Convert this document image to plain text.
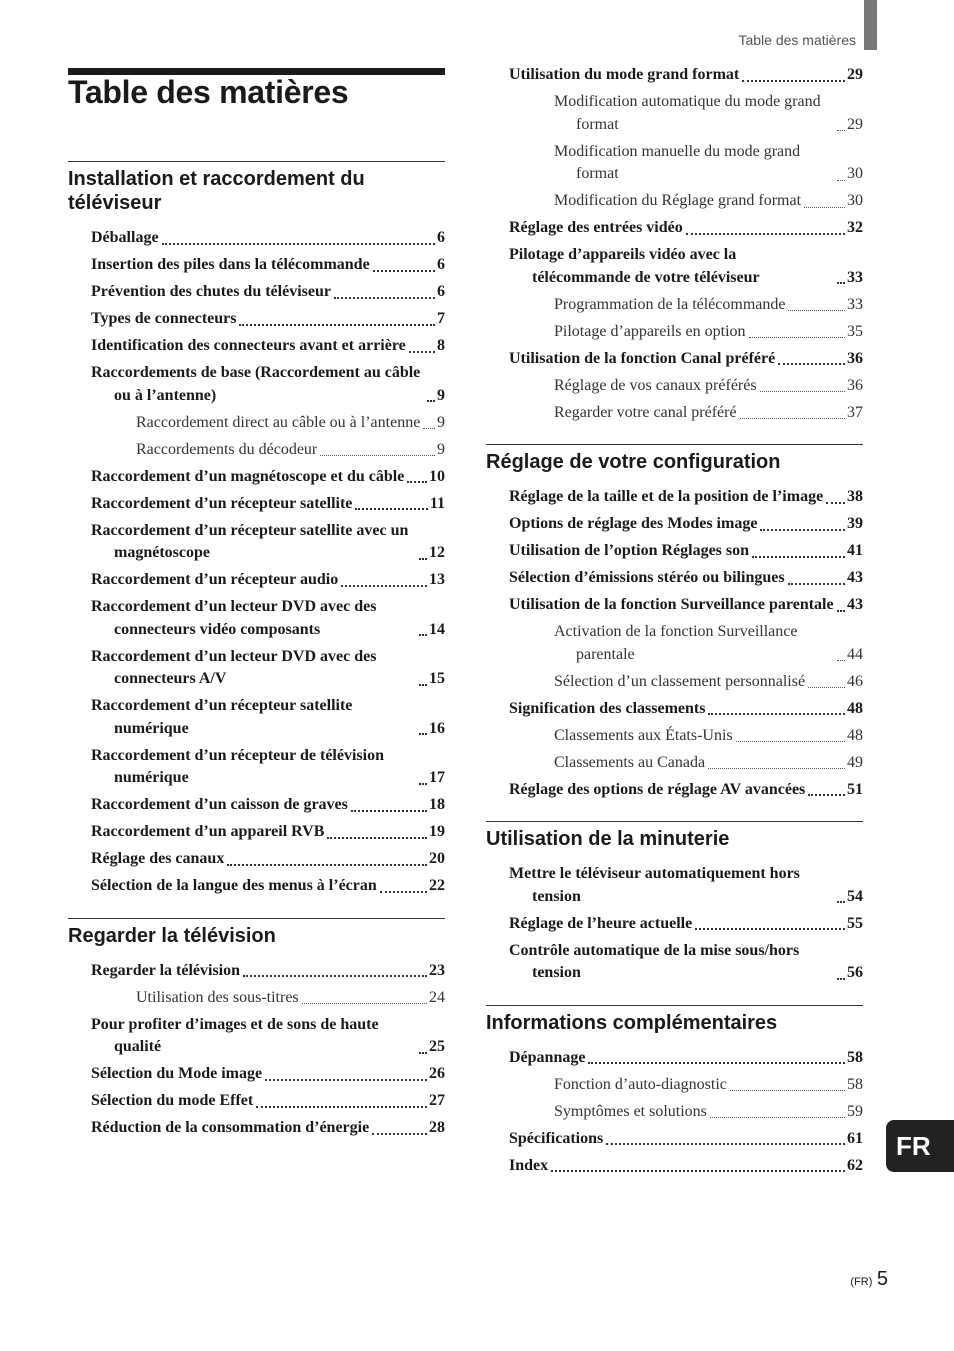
Table des matières
Table des matières
Installation et raccordement du téléviseur
Déballage	6
Insertion des piles dans la télécommande	6
Prévention des chutes du téléviseur	6
Types de connecteurs	7
Identification des connecteurs avant et arrière 8
Raccordements de base (Raccordement au câble ou à l’antenne)	9
Raccordement direct au câble ou à l’antenne 9
Raccordements du décodeur	9
Raccordement d’un magnétoscope et du câble 10
Raccordement d’un récepteur satellite	11
Raccordement d’un récepteur satellite avec un magnétoscope	12
Raccordement d’un récepteur audio	13
Raccordement d’un lecteur DVD avec des connecteurs vidéo composants	14
Raccordement d’un lecteur DVD avec des connecteurs A/V	15
Raccordement d’un récepteur satellite numérique	16
Raccordement d’un récepteur de télévision numérique	17
Raccordement d’un caisson de graves	18
Raccordement d’un appareil RVB	19
Réglage des canaux	20
Sélection de la langue des menus à l’écran	22
Regarder la télévision
Regarder la télévision	23
Utilisation des sous-titres	24
Pour profiter d’images et de sons de haute qualité	25
Sélection du Mode image	26
Sélection du mode Effet	27
Réduction de la consommation d’énergie	28
Utilisation du mode grand format	29
Modification automatique du mode grand format	29
Modification manuelle du mode grand format	30
Modification du Réglage grand format	30
Réglage des entrées vidéo	32
Pilotage d’appareils vidéo avec la télécommande de votre téléviseur	33
Programmation de la télécommande	33
Pilotage d’appareils en option	35
Utilisation de la fonction Canal préféré	36
Réglage de vos canaux préférés	36
Regarder votre canal préféré	37
Réglage de votre configuration
Réglage de la taille et de la position de l’image 38
Options de réglage des Modes image	39
Utilisation de l’option Réglages son	41
Sélection d’émissions stéréo ou bilingues	43
Utilisation de la fonction Surveillance parentale 43
Activation de la fonction Surveillance parentale	44
Sélection d’un classement personnalisé	46
Signification des classements	48
Classements aux États-Unis	48
Classements au Canada	49
Réglage des options de réglage AV avancées	51
Utilisation de la minuterie
Mettre le téléviseur automatiquement hors tension	54
Réglage de l’heure actuelle	55
Contrôle automatique de la mise sous/hors tension	56
Informations complémentaires
Dépannage	58
Fonction d’auto-diagnostic	58
Symptômes et solutions	59
Spécifications	61
Index	62
FR
(FR) 5
